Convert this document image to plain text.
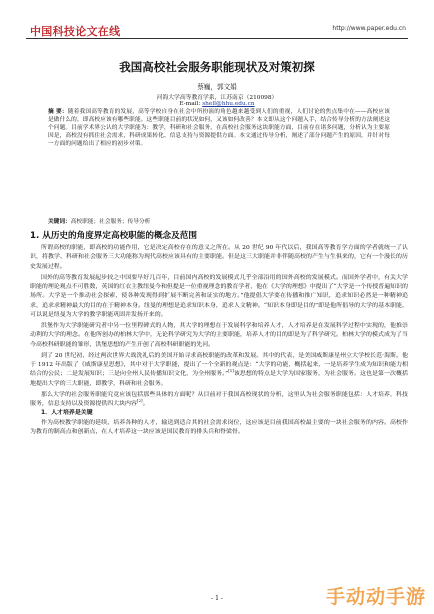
中国科技论文在线	http://www.paper.edu.cn
我国高校社会服务职能现状及对策初探
蔡巍，郭文娟
河海大学高等教育学系，江苏南京（210098）
E-mail: shell@hhu.edu.cn
摘 要：随着我国高等教育的发展，高等学校自身在社会中所扮演的角色越来越受到人们的重视，人们讨论的焦点集中在——高校应该是做什么的，即高校应该有哪些职能。这些职能目前的状况如何，又该如何改善？本文即从这个问题入手，结合传导分析的方法阐述这个问题。目前学术界公认的大学职能为：教学，科研和社会服务，在高校社会服务这块职能方面，目前存在诸多问题，分析认为主要原因是，高校没有抓住社会需求，科研成果转化、信息支持与资源提供方面。本文通过传导分析，阐述了部分问题产生的原因，并针对每一方面的问题给出了相应的初步对策。
关键词：高校职能；社会服务；传导分析
1. 从历史的角度界定高校职能的概念及范围

所谓高校的职能，即高校的功能作用，它是决定高校存在的意义之所在。从 20 世纪 90 年代以后，我国高等教育学方面的学者就统一了认识，将教学、科研和社会服务三大功能称为现代高校应该具有的主要职能。但是这三大职能并非伴随高校的产生与生俱来的，它有一个漫长的历史发展过程。

国外的高等教育发展起步较之中国要早好几百年，目前国内高校的发展模式几乎全部沿用的国外高校的发展模式。而国外学者中，有关大学职能的理论观点不可胜数，英国的红衣主教纽曼今和但提是一位重视理念的教育学者，他在《大学的理想》中提出了“大学是一个传授普遍知识的场所。大学是一个推动社会探索，使各种发现得到扩展不断完善和证实的地方。”他提倡大学要在传播和推广知识，追求知识必然是一种精神追求，追求求精神最大的目的在于精神本身。纽曼的理想是追求知识本身，追求人文精神。“知识本身即是目的”即是他所倡导的大学的基本职能，可以说是纽曼为大学的教学职能巩固并发扬开来的。

洪堡作为大学职能研究者中另一位里程碑式的人物，其大学的理想在于发展科学和培养人才，人才培养是在发展科学过程中实现的，他推崇动利的大学的理念。在他所创办的柏林大学中，无论科学研究为大学的主要职能，培养人才的目的即是为了科学研究。柏林大学的模式成为了当今高校科研职能的雏形，洪堡思想的产生开创了高校科研职能的先河。

到了 20 世纪初，经过两次世界大战洗礼后的美国开始寻求高校职能的改革和发展。其中的代表，是美国威斯康星州立大学校长范·海斯。他于 1912 年出版了《威斯康星思想》，其中对于大学职能，提出了一个全新的观点是：“大学的功能，概括起来，一是培养学生成为知识和能力相结合的公民；二是发展知识；三是向全州人民传播知识文化，为全州服务。”[1]该思想的特点是大学为国家服务，为社会服务。这也是第一次概括地提出大学的三大职能，即教学，科研和社会服务。

那么大学的社会服务职能究竟应该包括那些具体的方面呢？从目前对于我国高校现状的分析，这里认为社会服务职能包括：人才培养，科技服务，信息支持以及资源提供四大块内容[2]。

1．人才培养是关键

作为高校教学职能的延续，培养各种的人才，输送到适合其的社会需求岗位，这应该是目前我国高校最主要的一块社会服务的内容。高校作为教育的制高点和创新点，在人才培养这一块应该是国民教育的排头兵和脊梁骨。

- 1 -	手动动手游
